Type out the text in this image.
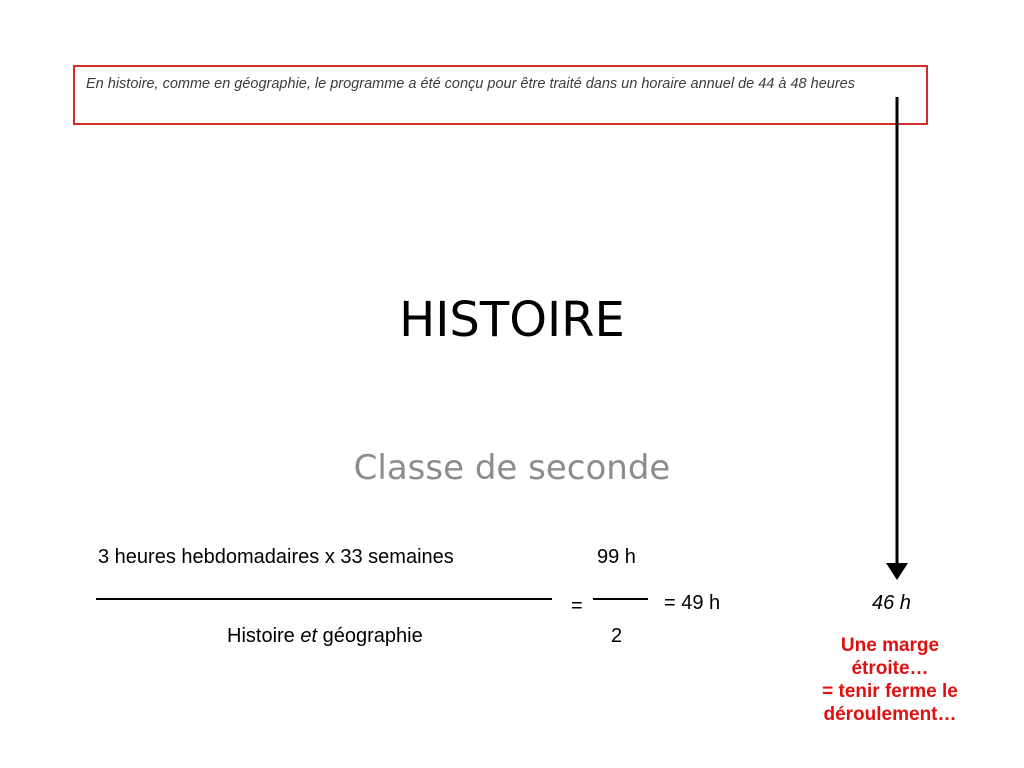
En histoire, comme en géographie, le programme a été conçu pour être traité dans un horaire annuel de 44 à 48 heures
HISTOIRE
Classe de seconde
3 heures hebdomadaires x 33 semaines
Histoire et géographie
=
99 h
2
= 49 h	46 h
Une marge
étroite…
= tenir ferme le
déroulement…
